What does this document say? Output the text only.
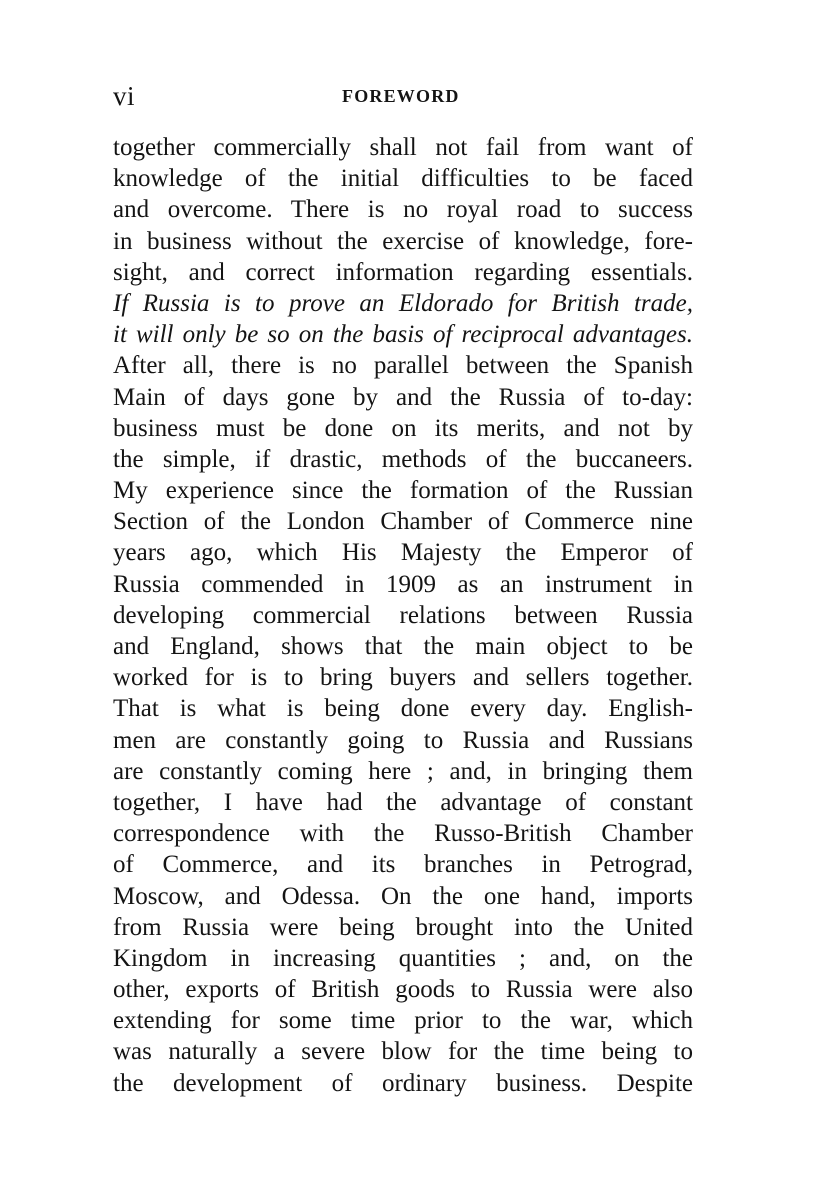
vi	FOREWORD
together commercially shall not fail from want of
knowledge of the initial difficulties to be faced
and overcome. There is no royal road to success
in business without the exercise of knowledge, fore-
sight, and correct information regarding essentials.
If Russia is to prove an Eldorado for British trade,
it will only be so on the basis of reciprocal advantages.
After all, there is no parallel between the Spanish
Main of days gone by and the Russia of to-day:
business must be done on its merits, and not by
the simple, if drastic, methods of the buccaneers.
My experience since the formation of the Russian
Section of the London Chamber of Commerce nine
years ago, which His Majesty the Emperor of
Russia commended in 1909 as an instrument in
developing commercial relations between Russia
and England, shows that the main object to be
worked for is to bring buyers and sellers together.
That is what is being done every day. English-
men are constantly going to Russia and Russians
are constantly coming here ; and, in bringing them
together, I have had the advantage of constant
correspondence with the Russo-British Chamber
of Commerce, and its branches in Petrograd,
Moscow, and Odessa. On the one hand, imports
from Russia were being brought into the United
Kingdom in increasing quantities ; and, on the
other, exports of British goods to Russia were also
extending for some time prior to the war, which
was naturally a severe blow for the time being to
the development of ordinary business. Despite
